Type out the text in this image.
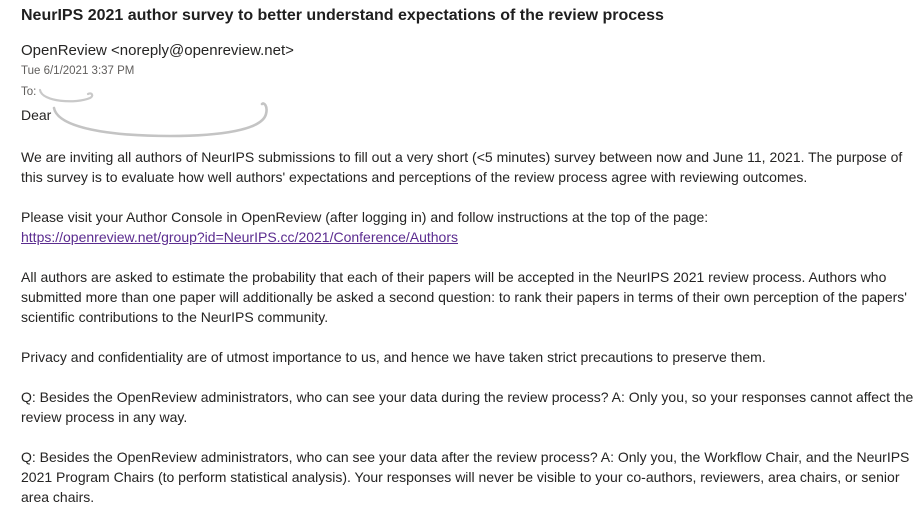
NeurIPS 2021 author survey to better understand expectations of the review process
OpenReview <noreply@openreview.net>
Tue 6/1/2021 3:37 PM
To:
Dear

We are inviting all authors of NeurIPS submissions to fill out a very short (<5 minutes) survey between now and June 11, 2021. The purpose of this survey is to evaluate how well authors' expectations and perceptions of the review process agree with reviewing outcomes.

Please visit your Author Console in OpenReview (after logging in) and follow instructions at the top of the page:
https://openreview.net/group?id=NeurIPS.cc/2021/Conference/Authors

All authors are asked to estimate the probability that each of their papers will be accepted in the NeurIPS 2021 review process. Authors who submitted more than one paper will additionally be asked a second question: to rank their papers in terms of their own perception of the papers' scientific contributions to the NeurIPS community.

Privacy and confidentiality are of utmost importance to us, and hence we have taken strict precautions to preserve them.

Q: Besides the OpenReview administrators, who can see your data during the review process? A: Only you, so your responses cannot affect the review process in any way.

Q: Besides the OpenReview administrators, who can see your data after the review process? A: Only you, the Workflow Chair, and the NeurIPS 2021 Program Chairs (to perform statistical analysis). Your responses will never be visible to your co-authors, reviewers, area chairs, or senior area chairs.
